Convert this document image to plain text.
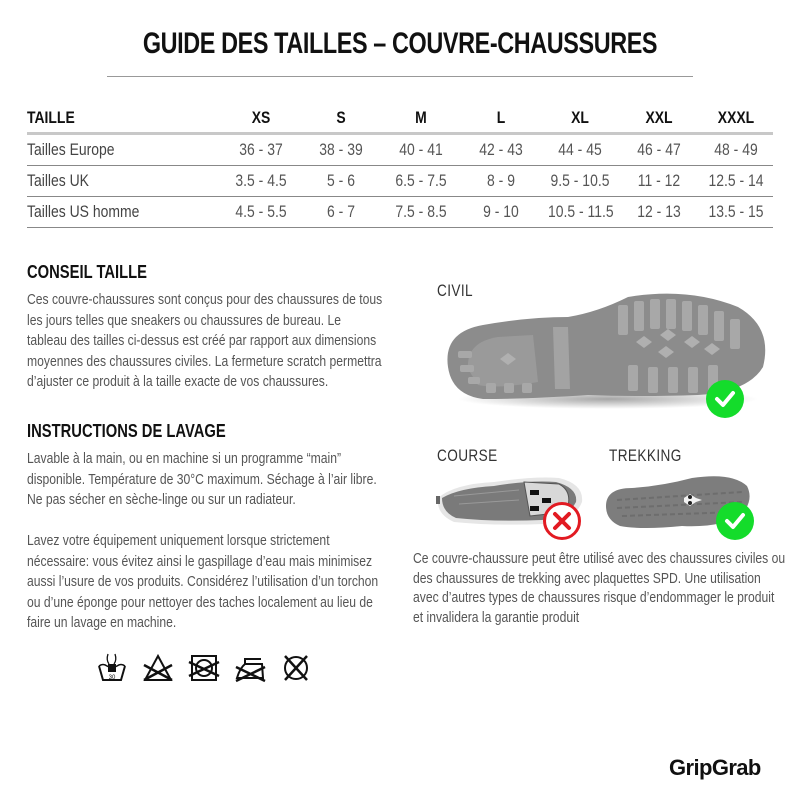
GUIDE DES TAILLES – COUVRE-CHAUSSURES
TAILLE	XS	S	M	L	XL	XXL	XXXL
Tailles Europe	36 - 37	38 - 39	40 - 41	42 - 43	44 - 45	46 - 47	48 - 49
Tailles UK	3.5 - 4.5	5 - 6	6.5 - 7.5	8 - 9	9.5 - 10.5	11 - 12	12.5 - 14
Tailles US homme	4.5 - 5.5	6 - 7	7.5 - 8.5	9 - 10	10.5 - 11.5	12 - 13	13.5 - 15
CONSEIL TAILLE
Ces couvre-chaussures sont conçus pour des chaussures de tous les jours telles que sneakers ou chaussures de bureau. Le tableau des tailles ci-dessus est créé par rapport aux dimensions moyennes des chaussures civiles. La fermeture scratch permettra d’ajuster ce produit à la taille exacte de vos chaussures.
INSTRUCTIONS DE LAVAGE
Lavable à la main, ou en machine si un programme “main” disponible. Température de 30°C maximum. Séchage à l’air libre. Ne pas sécher en sèche-linge ou sur un radiateur.
Lavez votre équipement uniquement lorsque strictement nécessaire: vous évitez ainsi le gaspillage d’eau mais minimisez aussi l’usure de vos produits. Considérez l’utilisation d’un torchon ou d’une éponge pour nettoyer des taches localement au lieu de faire un lavage en machine.
30
CIVIL
COURSE	TREKKING
Ce couvre-chaussure peut être utilisé avec des chaussures civiles ou des chaussures de trekking avec plaquettes SPD. Une utilisation avec d’autres types de chaussures risque d’endommager le produit et invalidera la garantie produit
GripGrab
